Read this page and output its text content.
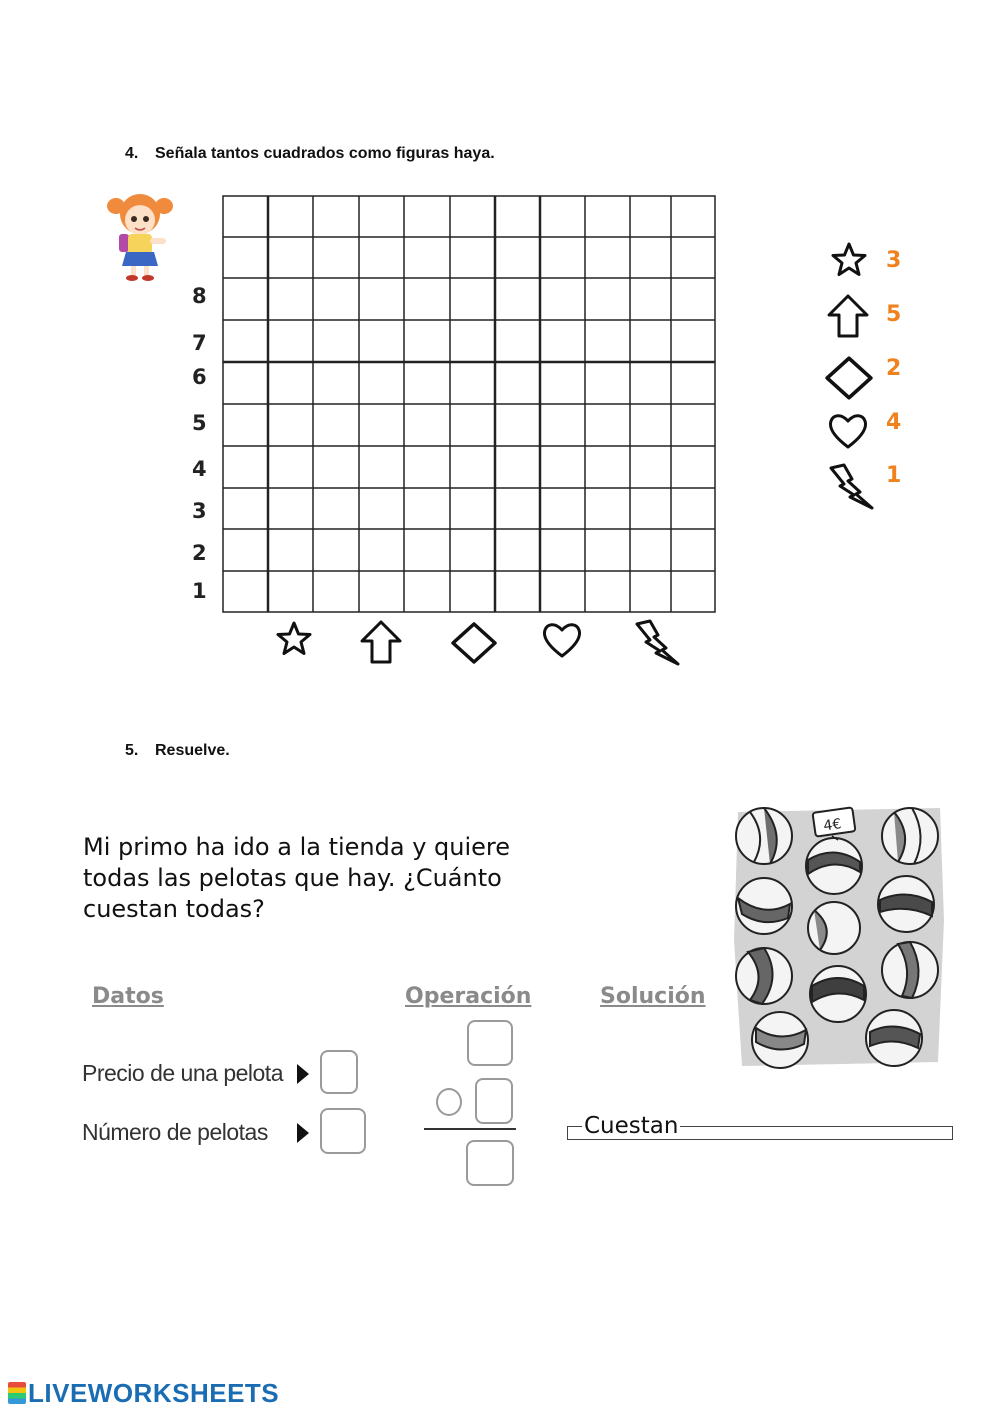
4. Señala tantos cuadrados como figuras haya.
8
7
6
5
4
3
2
1
3
5
2
4
1
5. Resuelve.
Mi primo ha ido a la tienda y quiere
todas las pelotas que hay. ¿Cuánto
cuestan todas?
4€
Datos	Operación	Solución
Precio de una pelota
Número de pelotas	Cuestan
LIVEWORKSHEETS
